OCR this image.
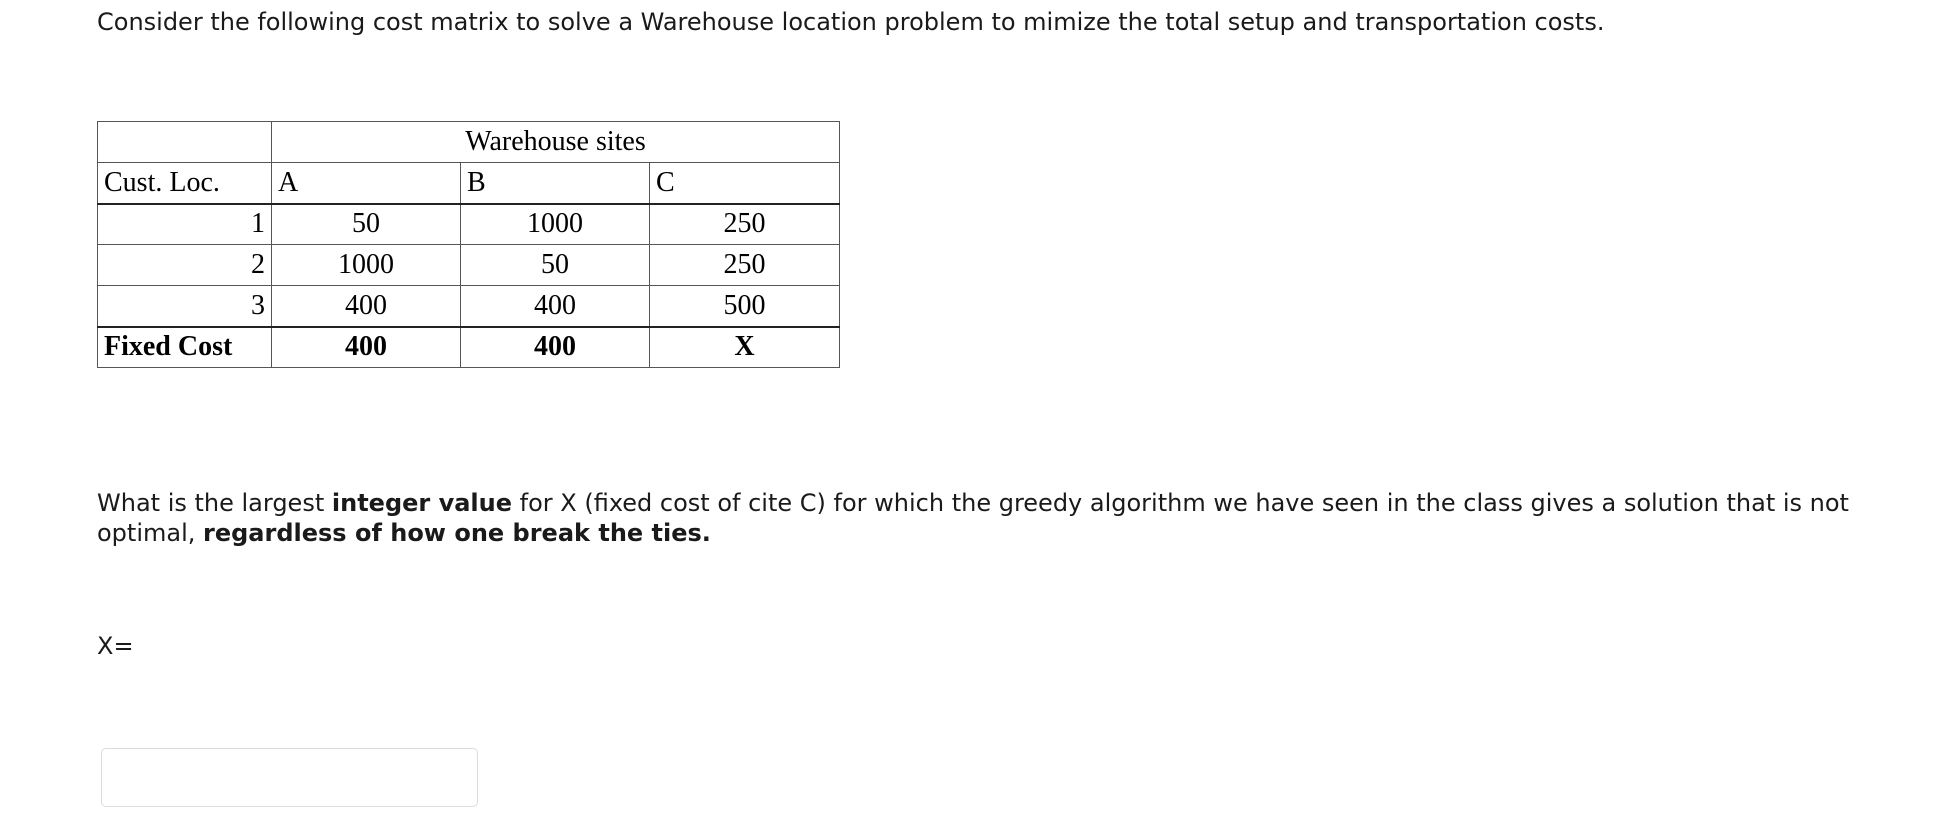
Consider the following cost matrix to solve a Warehouse location problem to mimize the total setup and transportation costs.
	Warehouse sites		
Cust. Loc.	A	B	C
1	50	1000	250
2	1000	50	250
3	400	400	500
Fixed Cost	400	400	X
What is the largest integer value for X (fixed cost of cite C) for which the greedy algorithm we have seen in the class gives a solution that is not optimal, regardless of how one break the ties.
X=
